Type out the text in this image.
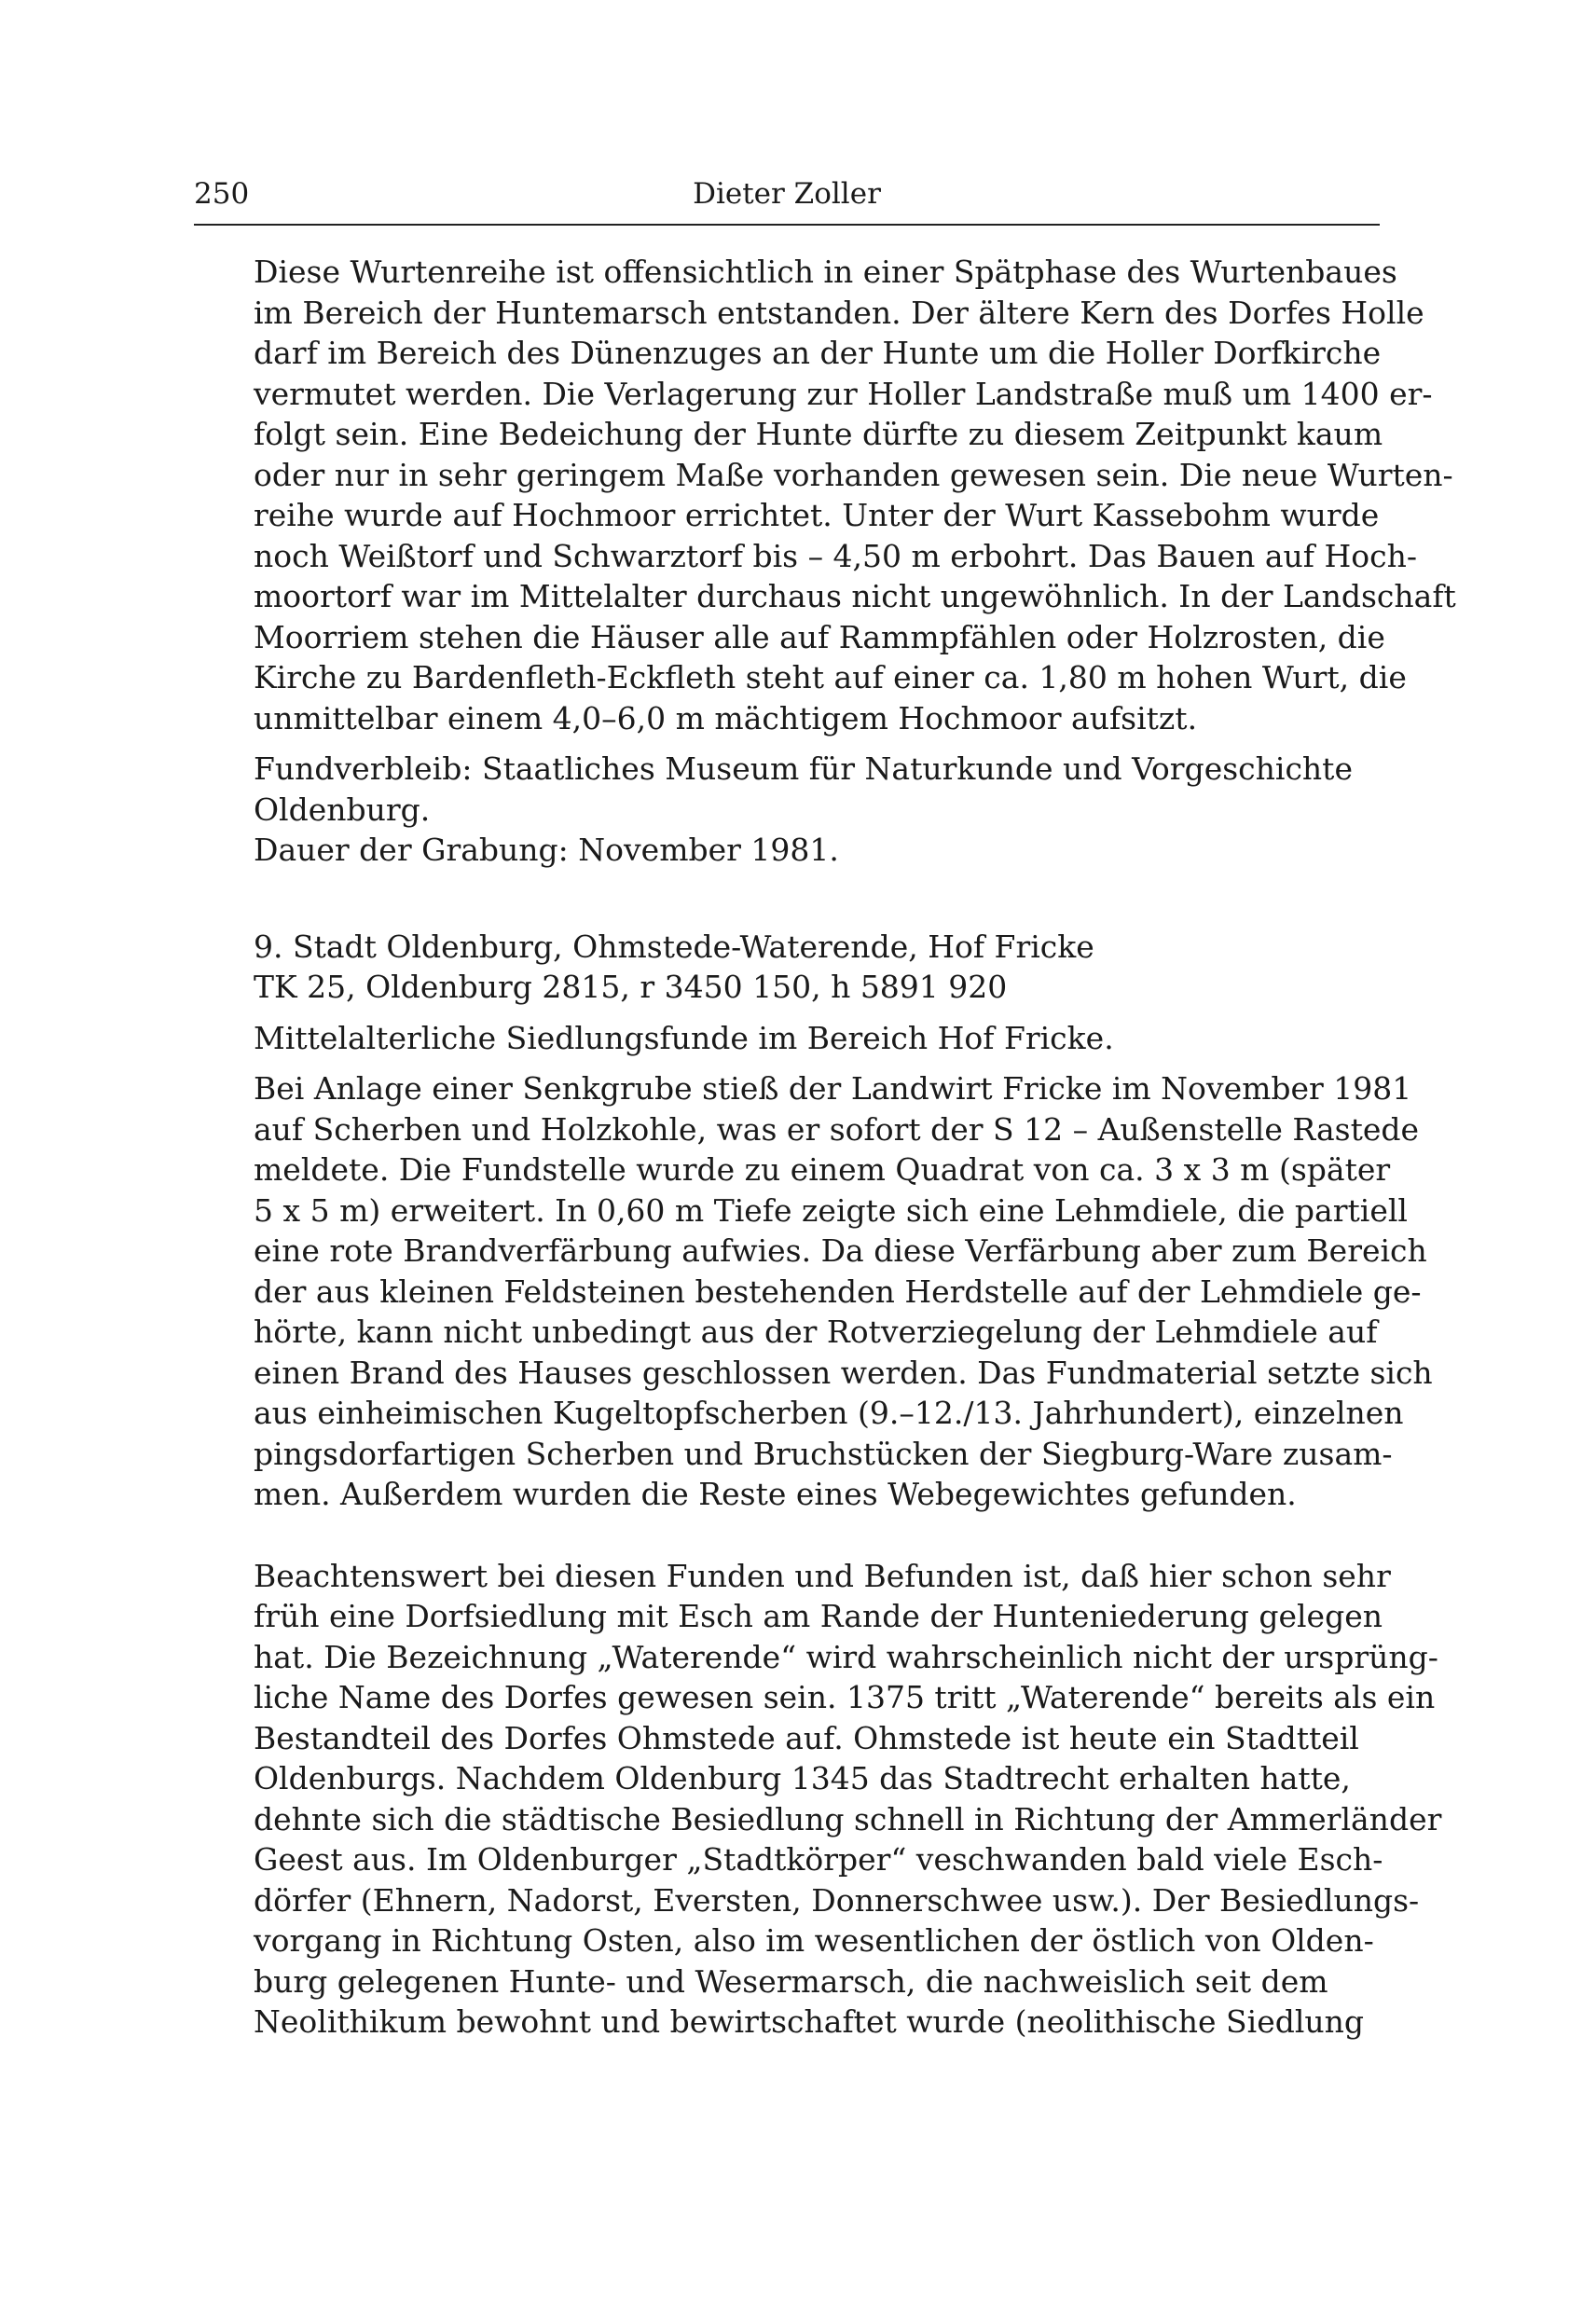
250	Dieter Zoller
Diese Wurtenreihe ist offensichtlich in einer Spätphase des Wurtenbaues
im Bereich der Huntemarsch entstanden. Der ältere Kern des Dorfes Holle
darf im Bereich des Dünenzuges an der Hunte um die Holler Dorfkirche
vermutet werden. Die Verlagerung zur Holler Landstraße muß um 1400 er-
folgt sein. Eine Bedeichung der Hunte dürfte zu diesem Zeitpunkt kaum
oder nur in sehr geringem Maße vorhanden gewesen sein. Die neue Wurten-
reihe wurde auf Hochmoor errichtet. Unter der Wurt Kassebohm wurde
noch Weißtorf und Schwarztorf bis – 4,50 m erbohrt. Das Bauen auf Hoch-
moortorf war im Mittelalter durchaus nicht ungewöhnlich. In der Landschaft
Moorriem stehen die Häuser alle auf Rammpfählen oder Holzrosten, die
Kirche zu Bardenfleth-Eckfleth steht auf einer ca. 1,80 m hohen Wurt, die
unmittelbar einem 4,0–6,0 m mächtigem Hochmoor aufsitzt.
Fundverbleib: Staatliches Museum für Naturkunde und Vorgeschichte
Oldenburg.
Dauer der Grabung: November 1981.
9. Stadt Oldenburg, Ohmstede-Waterende, Hof Fricke
TK 25, Oldenburg 2815, r 3450 150, h 5891 920
Mittelalterliche Siedlungsfunde im Bereich Hof Fricke.
Bei Anlage einer Senkgrube stieß der Landwirt Fricke im November 1981
auf Scherben und Holzkohle, was er sofort der S 12 – Außenstelle Rastede
meldete. Die Fundstelle wurde zu einem Quadrat von ca. 3 x 3 m (später
5 x 5 m) erweitert. In 0,60 m Tiefe zeigte sich eine Lehmdiele, die partiell
eine rote Brandverfärbung aufwies. Da diese Verfärbung aber zum Bereich
der aus kleinen Feldsteinen bestehenden Herdstelle auf der Lehmdiele ge-
hörte, kann nicht unbedingt aus der Rotverziegelung der Lehmdiele auf
einen Brand des Hauses geschlossen werden. Das Fundmaterial setzte sich
aus einheimischen Kugeltopfscherben (9.–12./13. Jahrhundert), einzelnen
pingsdorfartigen Scherben und Bruchstücken der Siegburg-Ware zusam-
men. Außerdem wurden die Reste eines Webegewichtes gefunden.
Beachtenswert bei diesen Funden und Befunden ist, daß hier schon sehr
früh eine Dorfsiedlung mit Esch am Rande der Hunteniederung gelegen
hat. Die Bezeichnung „Waterende“ wird wahrscheinlich nicht der ursprüng-
liche Name des Dorfes gewesen sein. 1375 tritt „Waterende“ bereits als ein
Bestandteil des Dorfes Ohmstede auf. Ohmstede ist heute ein Stadtteil
Oldenburgs. Nachdem Oldenburg 1345 das Stadtrecht erhalten hatte,
dehnte sich die städtische Besiedlung schnell in Richtung der Ammerländer
Geest aus. Im Oldenburger „Stadtkörper“ veschwanden bald viele Esch-
dörfer (Ehnern, Nadorst, Eversten, Donnerschwee usw.). Der Besiedlungs-
vorgang in Richtung Osten, also im wesentlichen der östlich von Olden-
burg gelegenen Hunte- und Wesermarsch, die nachweislich seit dem
Neolithikum bewohnt und bewirtschaftet wurde (neolithische Siedlung
